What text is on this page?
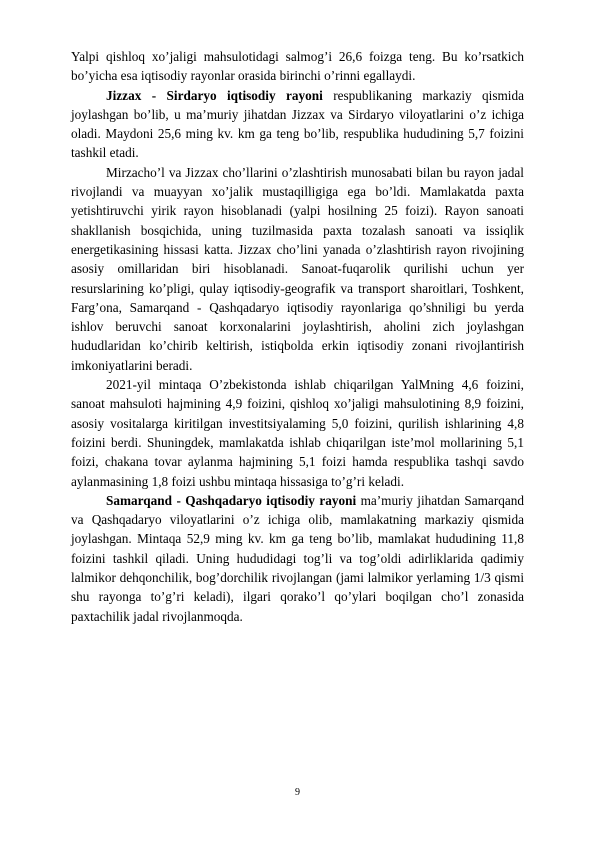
Yalpi qishloq xo’jaligi mahsulotidagi salmog’i 26,6 foizga teng. Bu ko’rsatkich bo’yicha esa iqtisodiy rayonlar orasida birinchi o’rinni egallaydi.

Jizzax - Sirdaryo iqtisodiy rayoni respublikaning markaziy qismida joylashgan bo’lib, u ma’muriy jihatdan Jizzax va Sirdaryo viloyatlarini o’z ichiga oladi. Maydoni 25,6 ming kv. km ga teng bo’lib, respublika hududining 5,7 foizini tashkil etadi.

Mirzacho’l va Jizzax cho’llarini o’zlashtirish munosabati bilan bu rayon jadal rivojlandi va muayyan xo’jalik mustaqilligiga ega bo’ldi. Mamlakatda paxta yetishtiruvchi yirik rayon hisoblanadi (yalpi hosilning 25 foizi). Rayon sanoati shakllanish bosqichida, uning tuzilmasida paxta tozalash sanoati va issiqlik energetikasining hissasi katta. Jizzax cho’lini yanada o’zlashtirish rayon rivojining asosiy omillaridan biri hisoblanadi. Sanoat-fuqarolik qurilishi uchun yer resurslarining ko’pligi, qulay iqtisodiy-geografik va transport sharoitlari, Toshkent, Farg’ona, Samarqand - Qashqadaryo iqtisodiy rayonlariga qo’shniligi bu yerda ishlov beruvchi sanoat korxonalarini joylashtirish, aholini zich joylashgan hududlaridan ko’chirib keltirish, istiqbolda erkin iqtisodiy zonani rivojlantirish imkoniyatlarini beradi.

2021-yil mintaqa O’zbekistonda ishlab chiqarilgan YalMning 4,6 foizini, sanoat mahsuloti hajmining 4,9 foizini, qishloq xo’jaligi mahsulotining 8,9 foizini, asosiy vositalarga kiritilgan investitsiyalaming 5,0 foizini, qurilish ishlarining 4,8 foizini berdi. Shuningdek, mamlakatda ishlab chiqarilgan iste’mol mollarining 5,1 foizi, chakana tovar aylanma hajmining 5,1 foizi hamda respublika tashqi savdo aylanmasining 1,8 foizi ushbu mintaqa hissasiga to’g’ri keladi.

Samarqand - Qashqadaryo iqtisodiy rayoni ma’muriy jihatdan Samarqand va Qashqadaryo viloyatlarini o’z ichiga olib, mamlakatning markaziy qismida joylashgan. Mintaqa 52,9 ming kv. km ga teng bo’lib, mamlakat hududining 11,8 foizini tashkil qiladi. Uning hududidagi tog’li va tog’oldi adirliklarida qadimiy lalmikor dehqonchilik, bog’dorchilik rivojlangan (jami lalmikor yerlaming 1/3 qismi shu rayonga to’g’ri keladi), ilgari qorako’l qo’ylari boqilgan cho’l zonasida paxtachilik jadal rivojlanmoqda.

9
